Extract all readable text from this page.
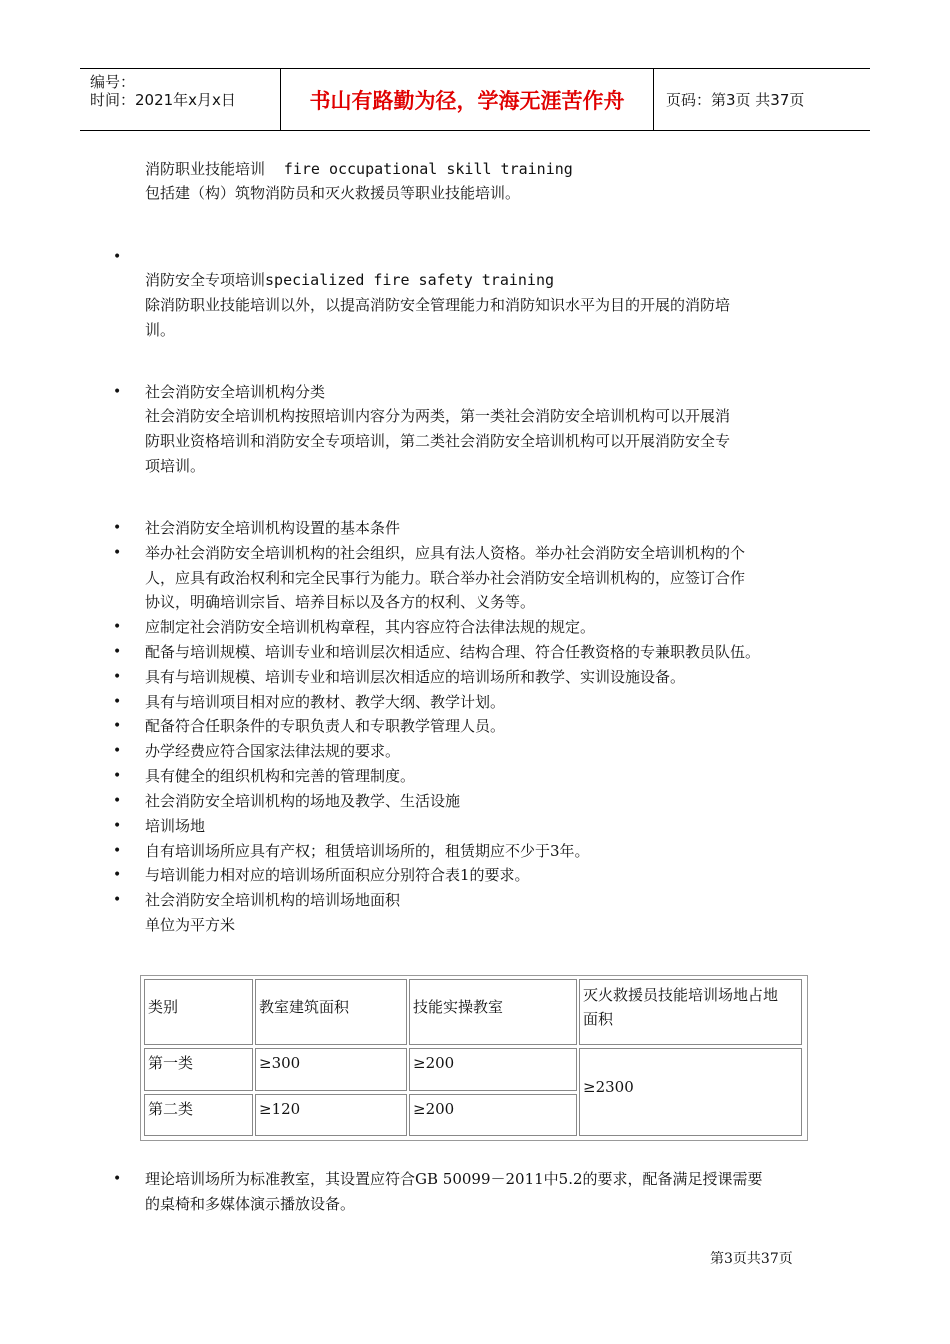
编号：
时间：2021年x月x日	书山有路勤为径，学海无涯苦作舟	页码：第3页 共37页
消防职业技能培训 fire occupational skill training
包括建（构）筑物消防员和灭火救援员等职业技能培训。
•
消防安全专项培训specialized fire safety training
除消防职业技能培训以外，以提高消防安全管理能力和消防知识水平为目的开展的消防培
训。
• 社会消防安全培训机构分类
社会消防安全培训机构按照培训内容分为两类，第一类社会消防安全培训机构可以开展消
防职业资格培训和消防安全专项培训，第二类社会消防安全培训机构可以开展消防安全专
项培训。
• 社会消防安全培训机构设置的基本条件
• 举办社会消防安全培训机构的社会组织，应具有法人资格。举办社会消防安全培训机构的个
人，应具有政治权利和完全民事行为能力。联合举办社会消防安全培训机构的，应签订合作
协议，明确培训宗旨、培养目标以及各方的权利、义务等。
• 应制定社会消防安全培训机构章程，其内容应符合法律法规的规定。
• 配备与培训规模、培训专业和培训层次相适应、结构合理、符合任教资格的专兼职教员队伍。
• 具有与培训规模、培训专业和培训层次相适应的培训场所和教学、实训设施设备。
• 具有与培训项目相对应的教材、教学大纲、教学计划。
• 配备符合任职条件的专职负责人和专职教学管理人员。
• 办学经费应符合国家法律法规的要求。
• 具有健全的组织机构和完善的管理制度。
• 社会消防安全培训机构的场地及教学、生活设施
• 培训场地
• 自有培训场所应具有产权；租赁培训场所的，租赁期应不少于3年。
• 与培训能力相对应的培训场所面积应分别符合表1的要求。
• 社会消防安全培训机构的培训场地面积
单位为平方米
类别	教室建筑面积	技能实操教室
灭火救援员技能培训场地占地
面积
第一类	≥300	≥200
≥2300
第二类	≥120	≥200
• 理论培训场所为标准教室，其设置应符合GB 50099－2011中5.2的要求，配备满足授课需要
的桌椅和多媒体演示播放设备。
第3页共37页
